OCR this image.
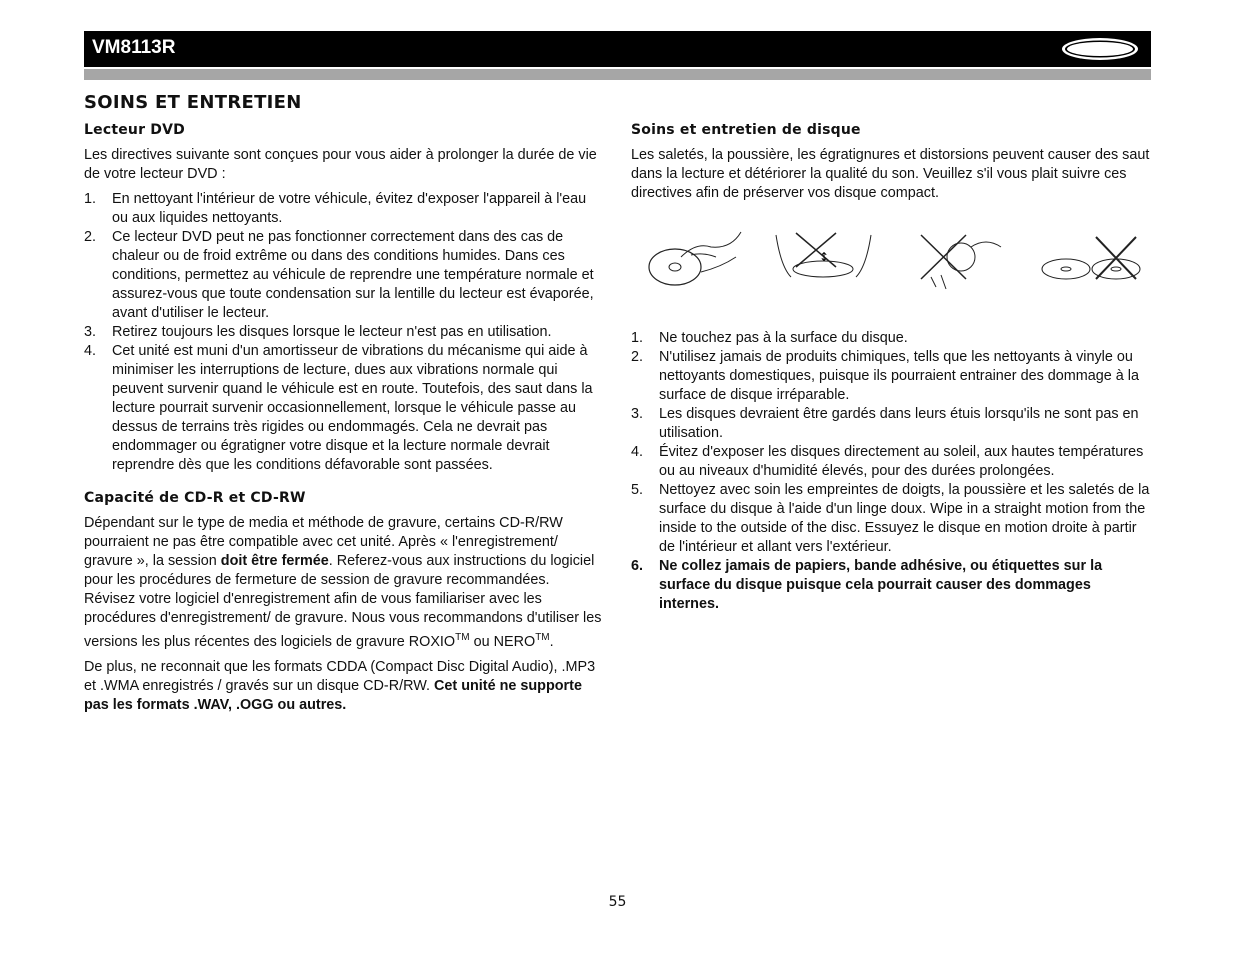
VM8113R
SOINS ET ENTRETIEN
Lecteur DVD

Les directives suivante sont conçues pour vous aider à prolonger la durée de vie de votre lecteur DVD :

1. En nettoyant l'intérieur de votre véhicule, évitez d'exposer l'appareil à l'eau ou aux liquides nettoyants.
2. Ce lecteur DVD peut ne pas fonctionner correctement dans des cas de chaleur ou de froid extrême ou dans des conditions humides. Dans ces conditions, permettez au véhicule de reprendre une température normale et assurez-vous que toute condensation sur la lentille du lecteur est évaporée, avant d'utiliser le lecteur.
3. Retirez toujours les disques lorsque le lecteur n'est pas en utilisation.
4. Cet unité est muni d'un amortisseur de vibrations du mécanisme qui aide à minimiser les interruptions de lecture, dues aux vibrations normale qui peuvent survenir quand le véhicule est en route. Toutefois, des saut dans la lecture pourrait survenir occasionnellement, lorsque le véhicule passe au dessus de terrains très rigides ou endommagés. Cela ne devrait pas endommager ou égratigner votre disque et la lecture normale devrait reprendre dès que les conditions défavorable sont passées.
Capacité de CD-R et CD-RW

Dépendant sur le type de media et méthode de gravure, certains CD-R/RW pourraient ne pas être compatible avec cet unité. Après « l'enregistrement/ gravure », la session doit être fermée. Referez-vous aux instructions du logiciel pour les procédures de fermeture de session de gravure recommandées. Révisez votre logiciel d'enregistrement afin de vous familiariser avec les procédures d'enregistrement/ de gravure. Nous vous recommandons d'utiliser les versions les plus récentes des logiciels de gravure ROXIO™ ou NERO™.

De plus, ne reconnait que les formats CDDA (Compact Disc Digital Audio), .MP3 et .WMA enregistrés / gravés sur un disque CD-R/RW. Cet unité ne supporte pas les formats .WAV, .OGG ou autres.

Soins et entretien de disque

Les saletés, la poussière, les égratignures et distorsions peuvent causer des saut dans la lecture et détériorer la qualité du son. Veuillez s'il vous plait suivre ces directives afin de préserver vos disque compact.

↕
1. Ne touchez pas à la surface du disque.
2. N'utilisez jamais de produits chimiques, tells que les nettoyants à vinyle ou nettoyants domestiques, puisque ils pourraient entrainer des dommage à la surface de disque irréparable.
3. Les disques devraient être gardés dans leurs étuis lorsqu'ils ne sont pas en utilisation.
4. Évitez d'exposer les disques directement au soleil, aux hautes températures ou au niveaux d'humidité élevés, pour des durées prolongées.
5. Nettoyez avec soin les empreintes de doigts, la poussière et les saletés de la surface du disque à l'aide d'un linge doux. Wipe in a straight motion from the inside to the outside of the disc. Essuyez le disque en motion droite à partir de l'intérieur et allant vers l'extérieur.
6. Ne collez jamais de papiers, bande adhésive, ou étiquettes sur la surface du disque puisque cela pourrait causer des dommages internes.
55
